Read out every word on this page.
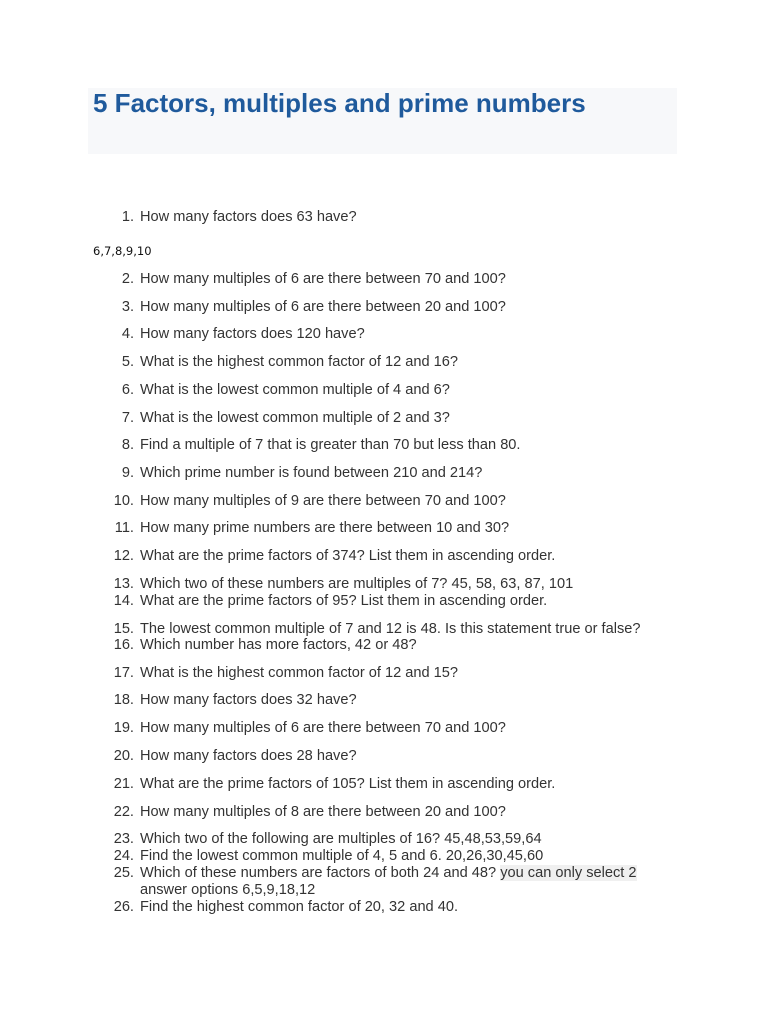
5 Factors, multiples and prime numbers
1. How many factors does 63 have?
6,7,8,9,10
2. How many multiples of 6 are there between 70 and 100?
3. How many multiples of 6 are there between 20 and 100?
4. How many factors does 120 have?
5. What is the highest common factor of 12 and 16?
6. What is the lowest common multiple of 4 and 6?
7. What is the lowest common multiple of 2 and 3?
8. Find a multiple of 7 that is greater than 70 but less than 80.
9. Which prime number is found between 210 and 214?
10. How many multiples of 9 are there between 70 and 100?
11. How many prime numbers are there between 10 and 30?
12. What are the prime factors of 374? List them in ascending order.
13. Which two of these numbers are multiples of 7? 45, 58, 63, 87, 101
14. What are the prime factors of 95? List them in ascending order.
15. The lowest common multiple of 7 and 12 is 48. Is this statement true or false?
16. Which number has more factors, 42 or 48?
17. What is the highest common factor of 12 and 15?
18. How many factors does 32 have?
19. How many multiples of 6 are there between 70 and 100?
20. How many factors does 28 have?
21. What are the prime factors of 105? List them in ascending order.
22. How many multiples of 8 are there between 20 and 100?
23. Which two of the following are multiples of 16? 45,48,53,59,64
24. Find the lowest common multiple of 4, 5 and 6. 20,26,30,45,60
25. Which of these numbers are factors of both 24 and 48? you can only select 2
answer options 6,5,9,18,12
26. Find the highest common factor of 20, 32 and 40.
